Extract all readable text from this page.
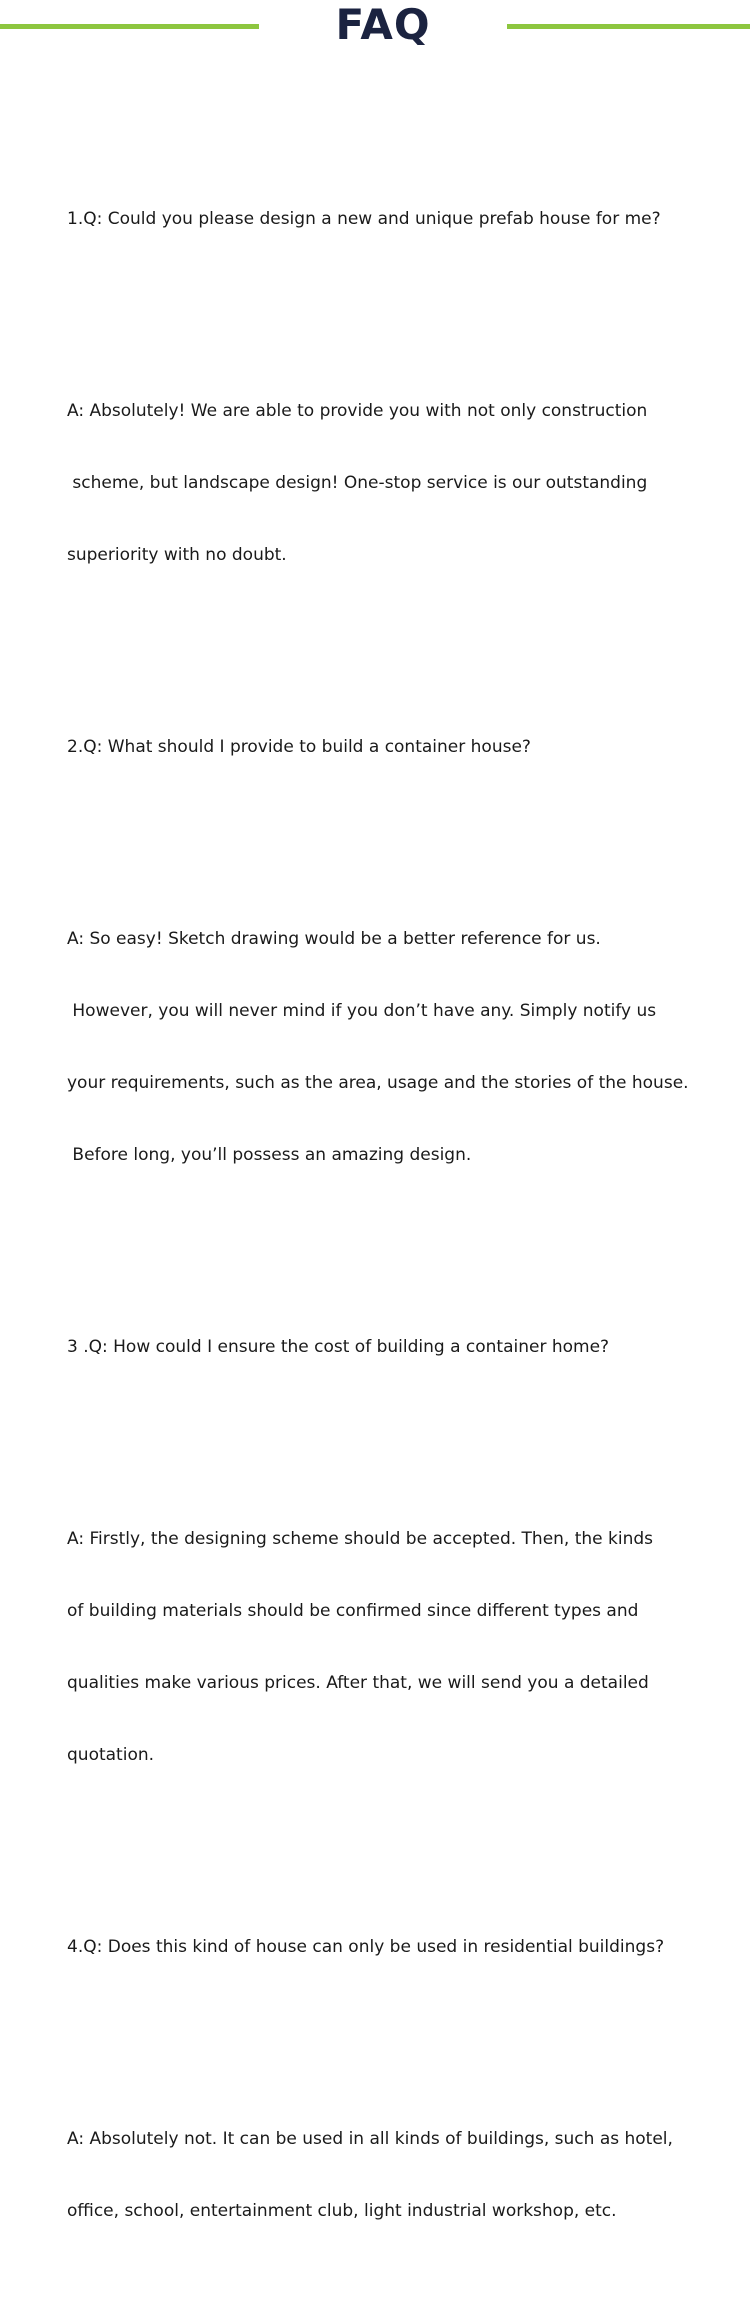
FAQ

1.Q: Could you please design a new and unique prefab house for me?

A: Absolutely! We are able to provide you with not only construction

scheme, but landscape design! One-stop service is our outstanding

superiority with no doubt.

2.Q: What should I provide to build a container house?

A: So easy! Sketch drawing would be a better reference for us.

However, you will never mind if you don’t have any. Simply notify us

your requirements, such as the area, usage and the stories of the house.

Before long, you’ll possess an amazing design.

3 .Q: How could I ensure the cost of building a container home?

A: Firstly, the designing scheme should be accepted. Then, the kinds

of building materials should be confirmed since different types and

qualities make various prices. After that, we will send you a detailed

quotation.

4.Q: Does this kind of house can only be used in residential buildings?

A: Absolutely not. It can be used in all kinds of buildings, such as hotel,

office, school, entertainment club, light industrial workshop, etc.
